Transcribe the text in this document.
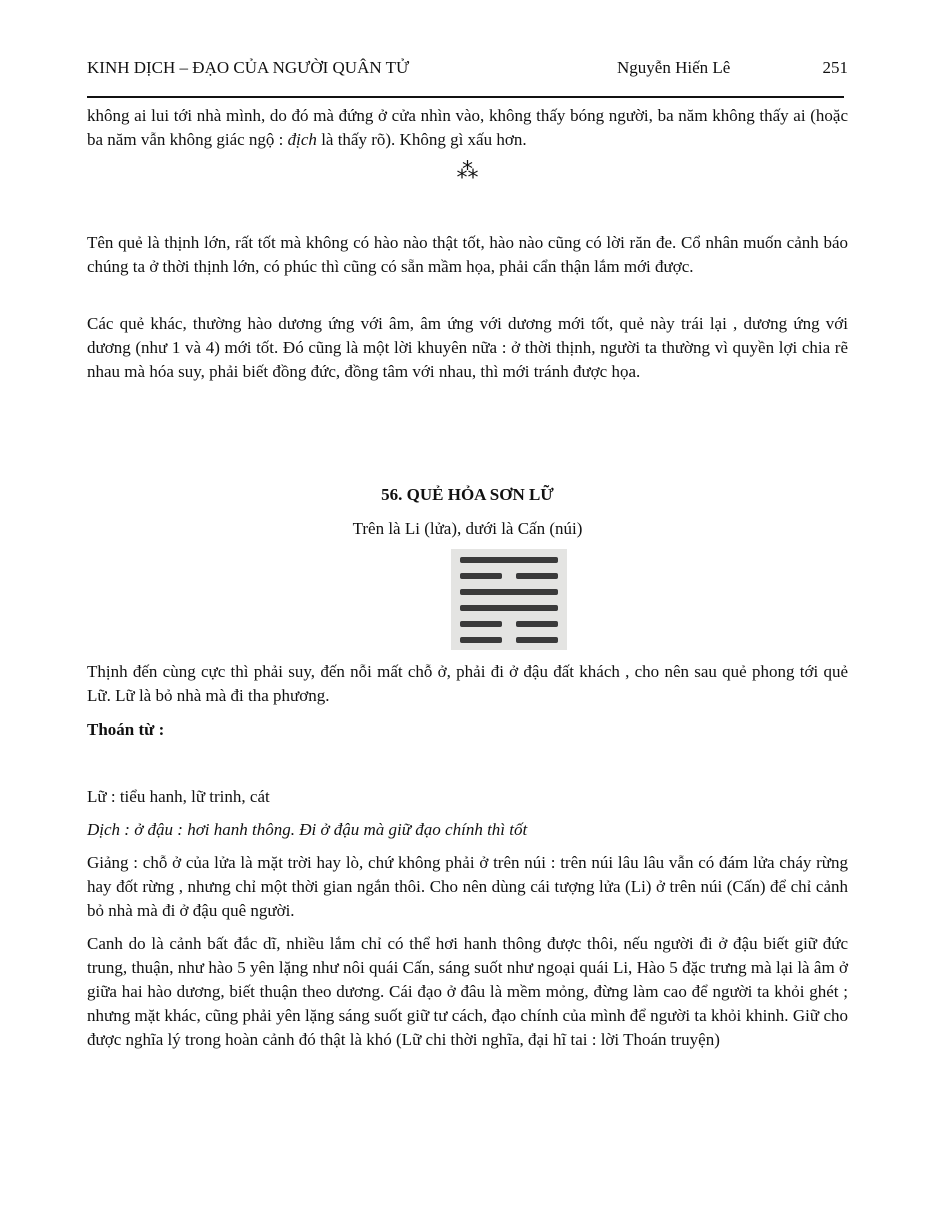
KINH DỊCH – ĐẠO CỦA NGƯỜI QUÂN TỬ	Nguyễn Hiến Lê	251

không ai lui tới nhà mình, do đó mà đứng ở cửa nhìn vào, không thấy bóng người, ba năm không thấy ai (hoặc ba năm vẫn không giác ngộ : địch là thấy rõ). Không gì xấu hơn.

⁂

Tên quẻ là thịnh lớn, rất tốt mà không có hào nào thật tốt, hào nào cũng có lời răn đe. Cổ nhân muốn cảnh báo chúng ta ở thời thịnh lớn, có phúc thì cũng có sẵn mầm họa, phải cẩn thận lắm mới được.

Các quẻ khác, thường hào dương ứng với âm, âm ứng với dương mới tốt, quẻ này trái lại , dương ứng với dương (như 1 và 4) mới tốt. Đó cũng là một lời khuyên nữa : ở thời thịnh, người ta thường vì quyền lợi chia rẽ nhau mà hóa suy, phải biết đồng đức, đồng tâm với nhau, thì mới tránh được họa.

56. QUẺ HỎA SƠN LỮ

Trên là Li (lửa), dưới là Cấn (núi)

Thịnh đến cùng cực thì phải suy, đến nỗi mất chỗ ở, phải đi ở đậu đất khách , cho nên sau quẻ phong tới quẻ Lữ. Lữ là bỏ nhà mà đi tha phương.

Thoán từ :

Lữ : tiểu hanh, lữ trinh, cát

Dịch : ở đậu : hơi hanh thông. Đi ở đậu mà giữ đạo chính thì tốt

Giảng : chỗ ở của lửa là mặt trời hay lò, chứ không phải ở trên núi : trên núi lâu lâu vẫn có đám lửa cháy rừng hay đốt rừng , nhưng chỉ một thời gian ngắn thôi. Cho nên dùng cái tượng lửa (Li) ở trên núi (Cấn) để chỉ cảnh bỏ nhà mà đi ở đậu quê người.

Canh do là cảnh bất đắc dĩ, nhiều lắm chỉ có thể hơi hanh thông được thôi, nếu người đi ở đậu biết giữ đức trung, thuận, như hào 5 yên lặng như nôi quái Cấn, sáng suốt như ngoại quái Li, Hào 5 đặc trưng mà lại là âm ở giữa hai hào dương, biết thuận theo dương. Cái đạo ở đâu là mềm mỏng, đừng làm cao để người ta khỏi ghét ; nhưng mặt khác, cũng phải yên lặng sáng suốt giữ tư cách, đạo chính của mình để người ta khỏi khinh. Giữ cho được nghĩa lý trong hoàn cảnh đó thật là khó (Lữ chi thời nghĩa, đại hĩ tai : lời Thoán truyện)
